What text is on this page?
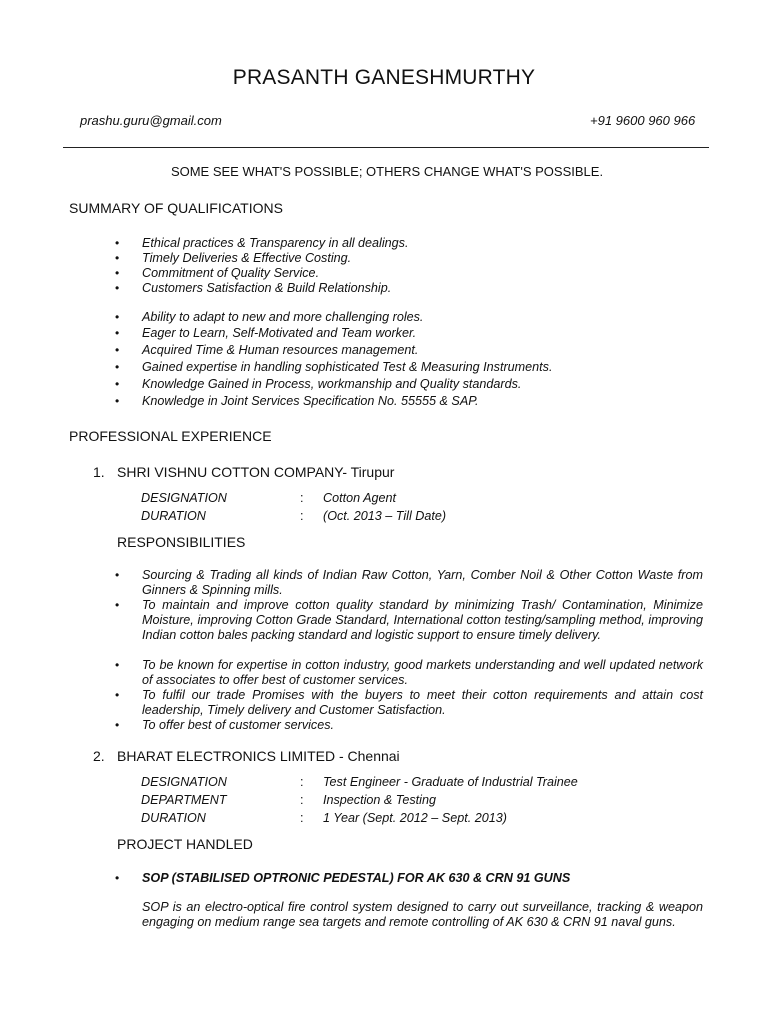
PRASANTH GANESHMURTHY
prashu.guru@gmail.com	+91 9600 960 966
SOME SEE WHAT'S POSSIBLE; OTHERS CHANGE WHAT'S POSSIBLE.
SUMMARY OF QUALIFICATIONS
• Ethical practices & Transparency in all dealings.
• Timely Deliveries & Effective Costing.
• Commitment of Quality Service.
• Customers Satisfaction & Build Relationship.
• Ability to adapt to new and more challenging roles.
• Eager to Learn, Self-Motivated and Team worker.
• Acquired Time & Human resources management.
• Gained expertise in handling sophisticated Test & Measuring Instruments.
• Knowledge Gained in Process, workmanship and Quality standards.
• Knowledge in Joint Services Specification No. 55555 & SAP.
PROFESSIONAL EXPERIENCE
1. SHRI VISHNU COTTON COMPANY- Tirupur
DESIGNATION	: Cotton Agent
DURATION	: (Oct. 2013 – Till Date)
RESPONSIBILITIES
• Sourcing & Trading all kinds of Indian Raw Cotton, Yarn, Comber Noil & Other Cotton Waste from Ginners & Spinning mills.
• To maintain and improve cotton quality standard by minimizing Trash/ Contamination, Minimize Moisture, improving Cotton Grade Standard, International cotton testing/sampling method, improving Indian cotton bales packing standard and logistic support to ensure timely delivery.
• To be known for expertise in cotton industry, good markets understanding and well updated network of associates to offer best of customer services.
• To fulfil our trade Promises with the buyers to meet their cotton requirements and attain cost leadership, Timely delivery and Customer Satisfaction.
• To offer best of customer services.
2. BHARAT ELECTRONICS LIMITED - Chennai
DESIGNATION	: Test Engineer - Graduate of Industrial Trainee
DEPARTMENT	: Inspection & Testing
DURATION	: 1 Year (Sept. 2012 – Sept. 2013)
PROJECT HANDLED
• SOP (STABILISED OPTRONIC PEDESTAL) FOR AK 630 & CRN 91 GUNS
SOP is an electro-optical fire control system designed to carry out surveillance, tracking & weapon engaging on medium range sea targets and remote controlling of AK 630 & CRN 91 naval guns.
